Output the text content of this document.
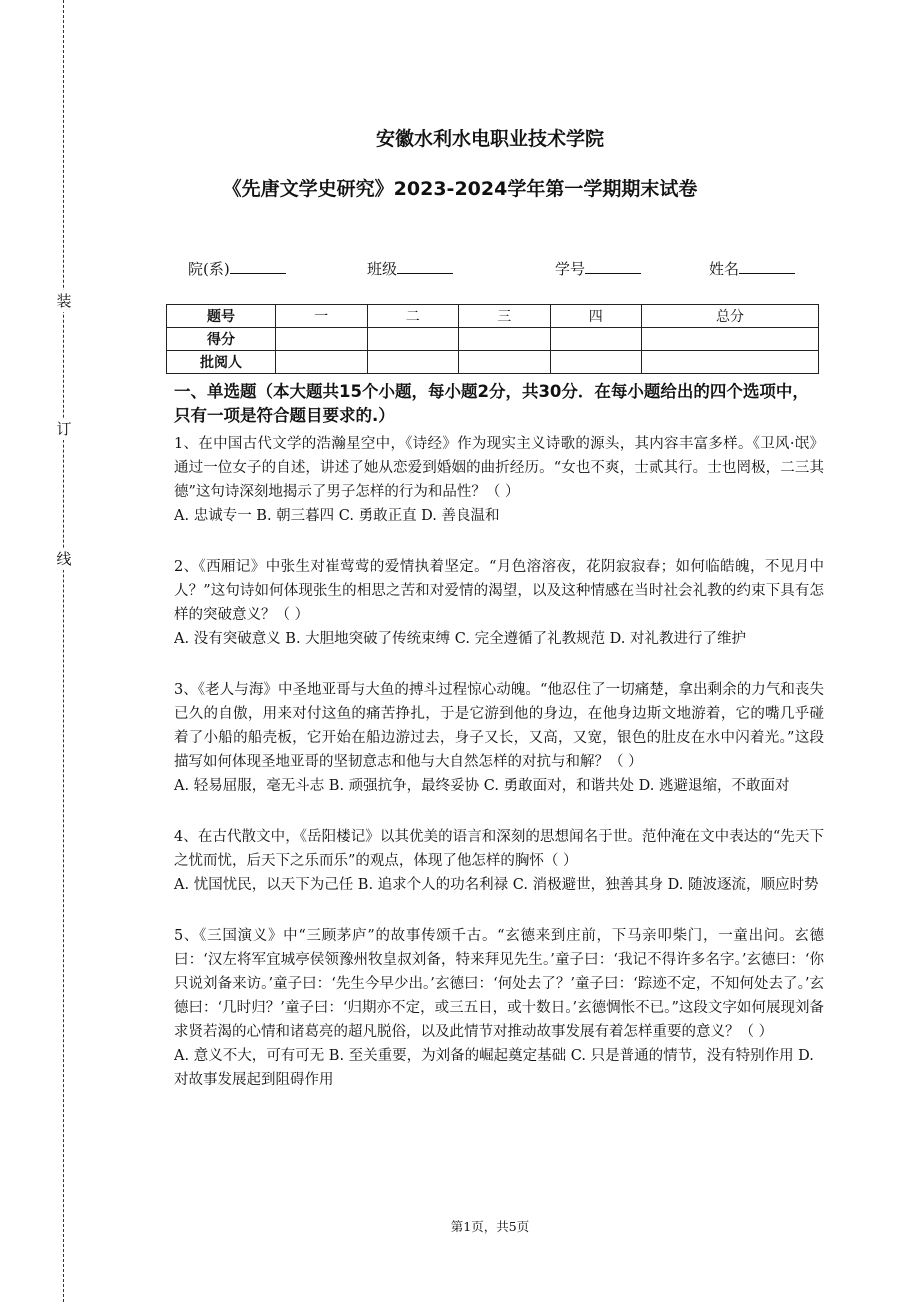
装
订
线
安徽水利水电职业技术学院
《先唐文学史研究》2023-2024学年第一学期期末试卷
院(系)	班级	学号	姓名
题号	一	二	三	四	总分
得分					
批阅人					
一、单选题（本大题共15个小题，每小题2分，共30分．在每小题给出的四个选项中，只有一项是符合题目要求的.）
1、在中国古代文学的浩瀚星空中，《诗经》作为现实主义诗歌的源头，其内容丰富多样。《卫风·氓》通过一位女子的自述，讲述了她从恋爱到婚姻的曲折经历。“女也不爽，士贰其行。士也罔极，二三其德”这句诗深刻地揭示了男子怎样的行为和品性？（ ）
A. 忠诚专一 B. 朝三暮四 C. 勇敢正直 D. 善良温和
2、《西厢记》中张生对崔莺莺的爱情执着坚定。“月色溶溶夜，花阴寂寂春；如何临皓魄，不见月中人？”这句诗如何体现张生的相思之苦和对爱情的渴望，以及这种情感在当时社会礼教的约束下具有怎样的突破意义？（ ）
A. 没有突破意义 B. 大胆地突破了传统束缚 C. 完全遵循了礼教规范 D. 对礼教进行了维护
3、《老人与海》中圣地亚哥与大鱼的搏斗过程惊心动魄。“他忍住了一切痛楚，拿出剩余的力气和丧失已久的自傲，用来对付这鱼的痛苦挣扎，于是它游到他的身边，在他身边斯文地游着，它的嘴几乎碰着了小船的船壳板，它开始在船边游过去，身子又长，又高，又宽，银色的肚皮在水中闪着光。”这段描写如何体现圣地亚哥的坚韧意志和他与大自然怎样的对抗与和解？（ ）
A. 轻易屈服，毫无斗志 B. 顽强抗争，最终妥协 C. 勇敢面对，和谐共处 D. 逃避退缩，不敢面对
4、在古代散文中，《岳阳楼记》以其优美的语言和深刻的思想闻名于世。范仲淹在文中表达的“先天下之忧而忧，后天下之乐而乐”的观点，体现了他怎样的胸怀（ ）
A. 忧国忧民，以天下为己任 B. 追求个人的功名利禄 C. 消极避世，独善其身 D. 随波逐流，顺应时势
5、《三国演义》中“三顾茅庐”的故事传颂千古。“玄德来到庄前，下马亲叩柴门，一童出问。玄德曰：‘汉左将军宜城亭侯领豫州牧皇叔刘备，特来拜见先生。’童子曰：‘我记不得许多名字。’玄德曰：‘你只说刘备来访。’童子曰：‘先生今早少出。’玄德曰：‘何处去了？’童子曰：‘踪迹不定，不知何处去了。’玄德曰：‘几时归？’童子曰：‘归期亦不定，或三五日，或十数日。’玄德惆怅不已。”这段文字如何展现刘备求贤若渴的心情和诸葛亮的超凡脱俗，以及此情节对推动故事发展有着怎样重要的意义？（ ）
A. 意义不大，可有可无 B. 至关重要，为刘备的崛起奠定基础 C. 只是普通的情节，没有特别作用 D. 对故事发展起到阻碍作用
第1页，共5页
